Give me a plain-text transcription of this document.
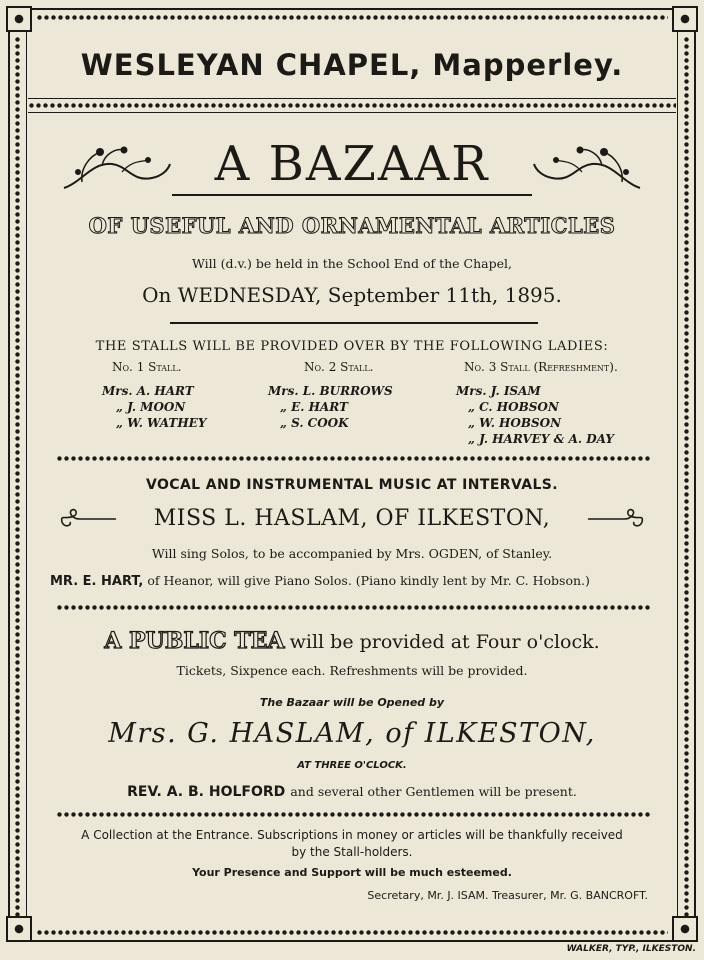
WESLEYAN CHAPEL, Mapperley.
A BAZAAR
OF USEFUL AND ORNAMENTAL ARTICLES
Will (d.v.) be held in the School End of the Chapel,
On WEDNESDAY, September 11th, 1895.
THE STALLS WILL BE PROVIDED OVER BY THE FOLLOWING LADIES:
No. 1 Stall.
Mrs. A. HART
„ J. MOON
„ W. WATHEY
No. 2 Stall.
Mrs. L. BURROWS
„ E. HART
„ S. COOK
No. 3 Stall (Refreshment).
Mrs. J. ISAM
„ C. HOBSON
„ W. HOBSON
„ J. HARVEY & A. DAY
VOCAL AND INSTRUMENTAL MUSIC AT INTERVALS.
MISS L. HASLAM, OF ILKESTON,
Will sing Solos, to be accompanied by Mrs. OGDEN, of Stanley.
MR. E. HART, of Heanor, will give Piano Solos. (Piano kindly lent by Mr. C. Hobson.)
A PUBLIC TEA will be provided at Four o'clock.
Tickets, Sixpence each. Refreshments will be provided.
The Bazaar will be Opened by
Mrs. G. HASLAM, of ILKESTON,
AT THREE O'CLOCK.
REV. A. B. HOLFORD and several other Gentlemen will be present.
A Collection at the Entrance. Subscriptions in money or articles will be thankfully received
by the Stall-holders.
Your Presence and Support will be much esteemed.
Secretary, Mr. J. ISAM. Treasurer, Mr. G. BANCROFT.
WALKER, TYP., ILKESTON.
